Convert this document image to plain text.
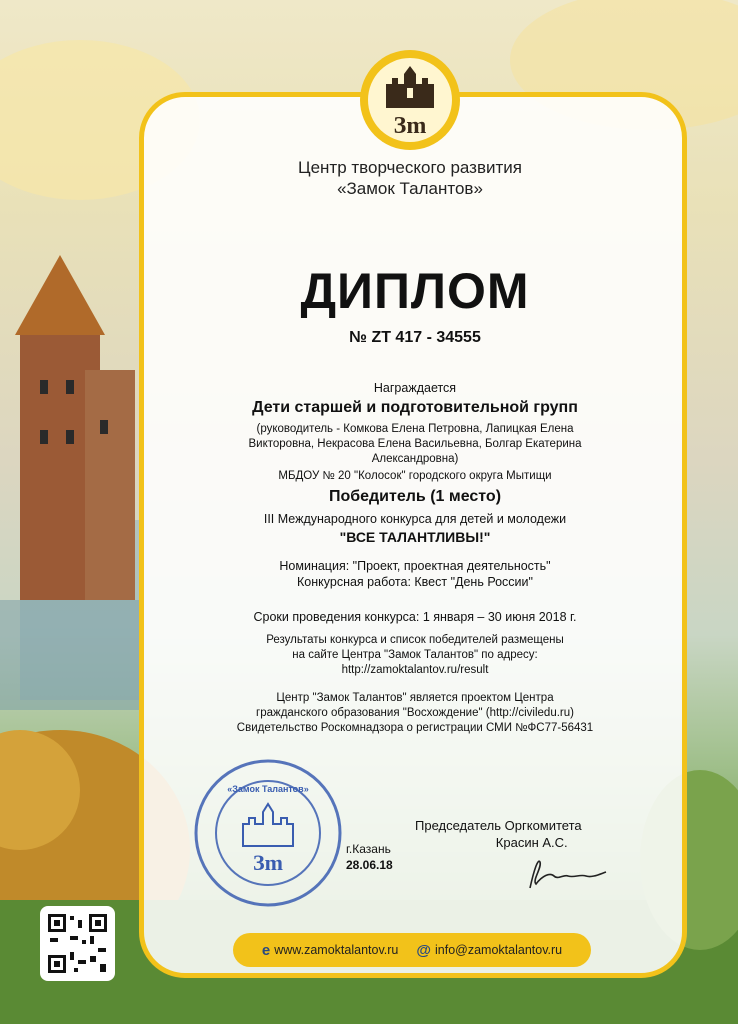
Зm
Центр творческого развития
«Замок Талантов»
ДИПЛОМ
№ ZT 417 - 34555
Награждается
Дети старшей и подготовительной групп
(руководитель - Комкова Елена Петровна, Лапицкая Елена
Викторовна, Некрасова Елена Васильевна, Болгар Екатерина
Александровна)
МБДОУ № 20 "Колосок" городского округа Мытищи
Победитель (1 место)
III Международного конкурса для детей и молодежи
"ВСЕ ТАЛАНТЛИВЫ!"
Номинация: "Проект, проектная деятельность"
Конкурсная работа: Квест "День России"
Сроки проведения конкурса: 1 января – 30 июня 2018 г.
Результаты конкурса и список победителей размещены
на сайте Центра "Замок Талантов" по адресу:
http://zamoktalantov.ru/result
Центр "Замок Талантов" является проектом Центра
гражданского образования "Восхождение" (http://civiledu.ru)
Свидетельство Роскомнадзора о регистрации СМИ №ФС77-56431
Зm
«Замок Талантов»
г.Казань
28.06.18
Председатель Оргкомитета
Красин А.С.
e www.zamoktalantov.ru @ info@zamoktalantov.ru
